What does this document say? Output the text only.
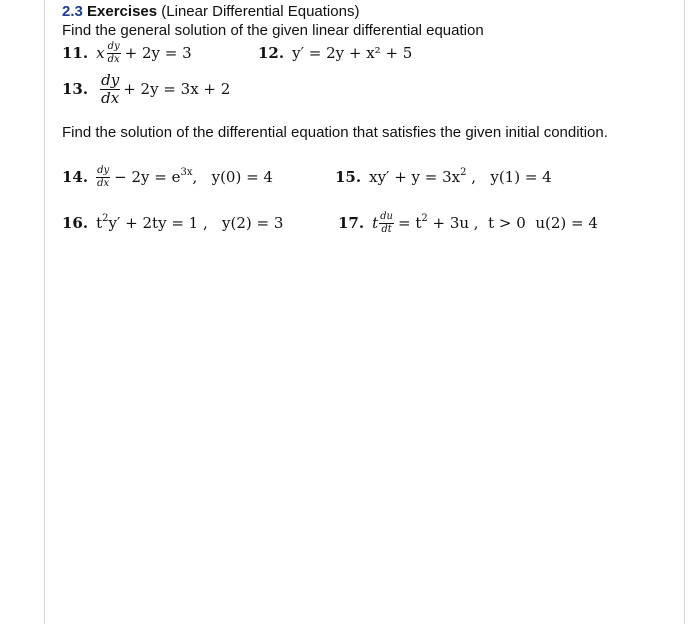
2.3 Exercises (Linear Differential Equations)
Find the general solution of the given linear differential equation
11. x $\frac{dy}{dx} + 2y = 3$	12. y′ = 2y + x² + 5
13. $\frac{dy}{dx} + 2y = 3x + 2$
Find the solution of the differential equation that satisfies the given initial condition.
14. $\frac{dy}{dx} - 2y = e$ $^{3x}$ ,   y(0) = 4	15. xy′ + y = 3x $^2$ ,   y(1) = 4
16. t $^2$ y′ + 2ty = 1 ,   y(2) = 3	17. t $\frac{du}{dt} = t$ $^2$ + 3u ,  t > 0  u(2) = 4
